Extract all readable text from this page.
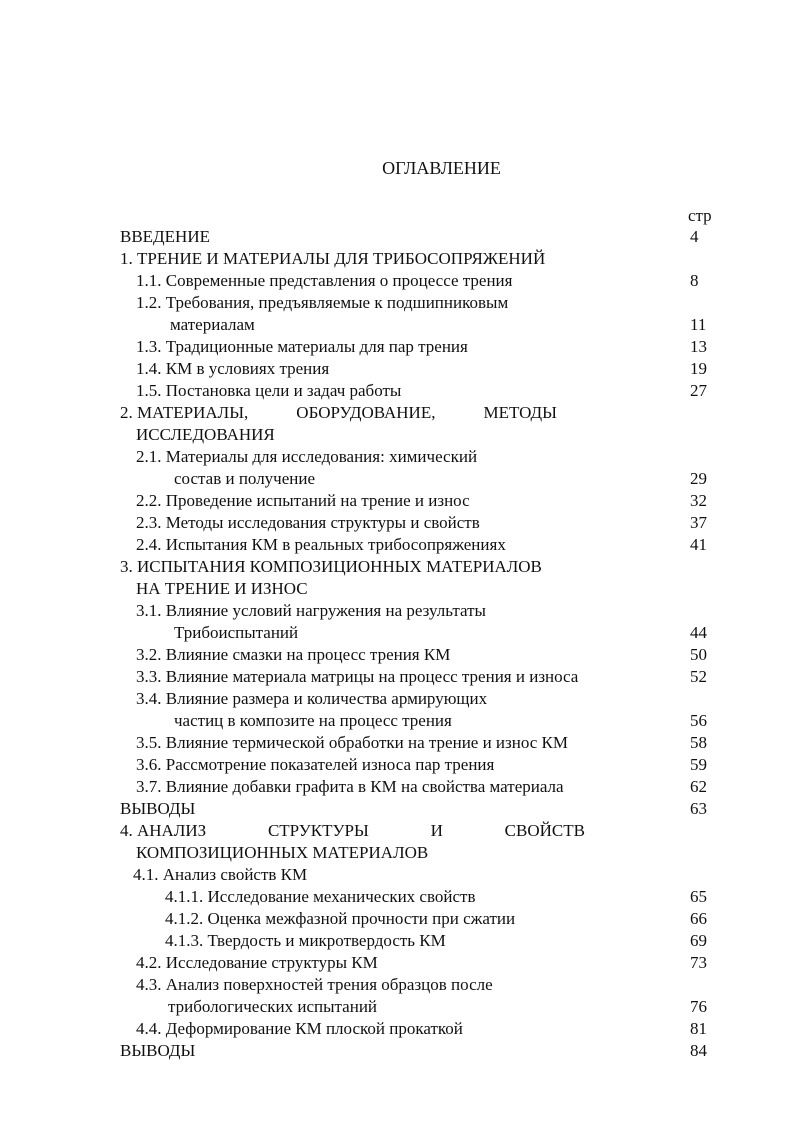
ОГЛАВЛЕНИЕ
стр
ВВЕДЕНИЕ	4
1. ТРЕНИЕ И МАТЕРИАЛЫ ДЛЯ ТРИБОСОПРЯЖЕНИЙ
1.1. Современные представления о процессе трения	8
1.2. Требования, предъявляемые к подшипниковым
материалам	11
1.3. Традиционные материалы для пар трения	13
1.4. КМ в условиях трения	19
1.5. Постановка цели и задач работы	27
2. МАТЕРИАЛЫ,	ОБОРУДОВАНИЕ,	МЕТОДЫ
ИССЛЕДОВАНИЯ
2.1. Материалы для исследования: химический
состав и получение	29
2.2. Проведение испытаний на трение и износ	32
2.3. Методы исследования структуры и свойств	37
2.4. Испытания КМ в реальных трибосопряжениях	41
3. ИСПЫТАНИЯ КОМПОЗИЦИОННЫХ МАТЕРИАЛОВ
НА ТРЕНИЕ И ИЗНОС
3.1. Влияние условий нагружения на результаты
Трибоиспытаний	44
3.2. Влияние смазки на процесс трения КМ	50
3.3. Влияние материала матрицы на процесс трения и износа	52
3.4. Влияние размера и количества армирующих
частиц в композите на процесс трения	56
3.5. Влияние термической обработки на трение и износ КМ	58
3.6. Рассмотрение показателей износа пар трения	59
3.7. Влияние добавки графита в КМ на свойства материала	62
ВЫВОДЫ	63
4. АНАЛИЗ	СТРУКТУРЫ	И	СВОЙСТВ
КОМПОЗИЦИОННЫХ МАТЕРИАЛОВ
4.1. Анализ свойств КМ
4.1.1. Исследование механических свойств	65
4.1.2. Оценка межфазной прочности при сжатии	66
4.1.3. Твердость и микротвердость КМ	69
4.2. Исследование структуры КМ	73
4.3. Анализ поверхностей трения образцов после
трибологических испытаний	76
4.4. Деформирование КМ плоской прокаткой	81
ВЫВОДЫ	84
